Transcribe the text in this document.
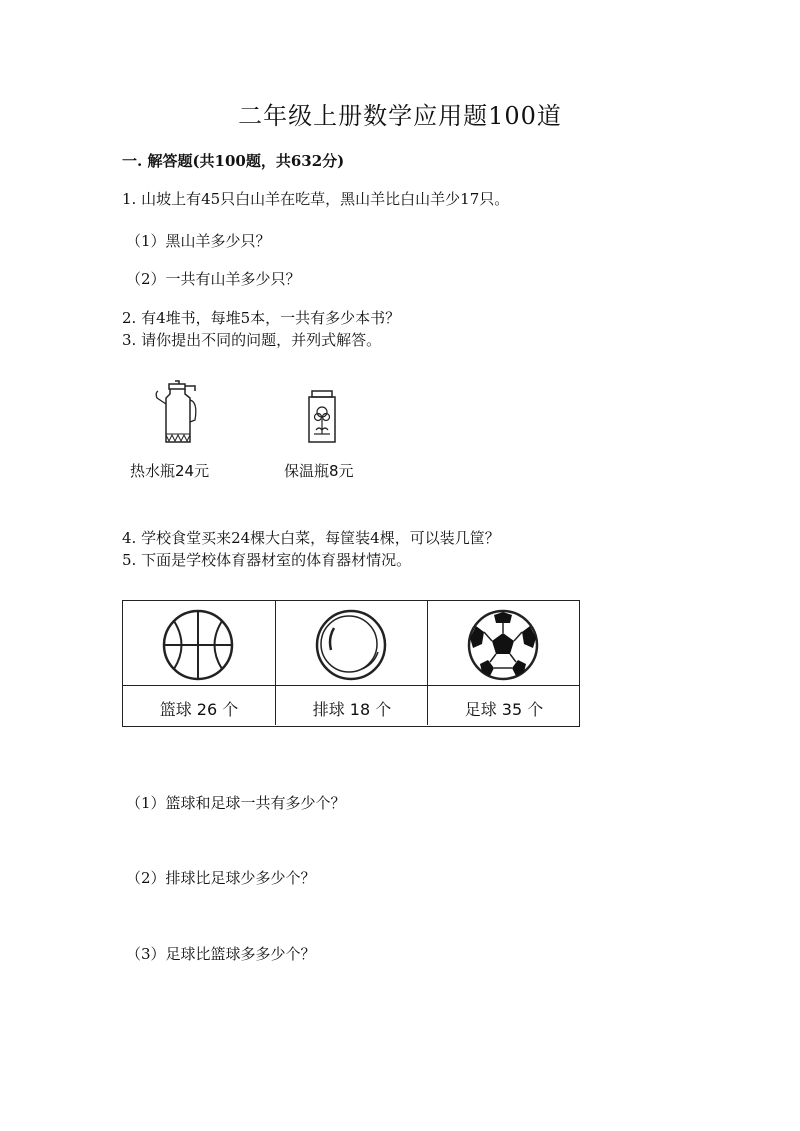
二年级上册数学应用题100道
一. 解答题(共100题，共632分)
1. 山坡上有45只白山羊在吃草，黑山羊比白山羊少17只。
（1）黑山羊多少只？
（2）一共有山羊多少只？
2. 有4堆书，每堆5本，一共有多少本书？
3. 请你提出不同的问题，并列式解答。
热水瓶24元	保温瓶8元
4. 学校食堂买来24棵大白菜，每筐装4棵，可以装几筐？
5. 下面是学校体育器材室的体育器材情况。
篮球 26 个	排球 18 个	足球 35 个
（1）篮球和足球一共有多少个？
（2）排球比足球少多少个？
（3）足球比篮球多多少个？
